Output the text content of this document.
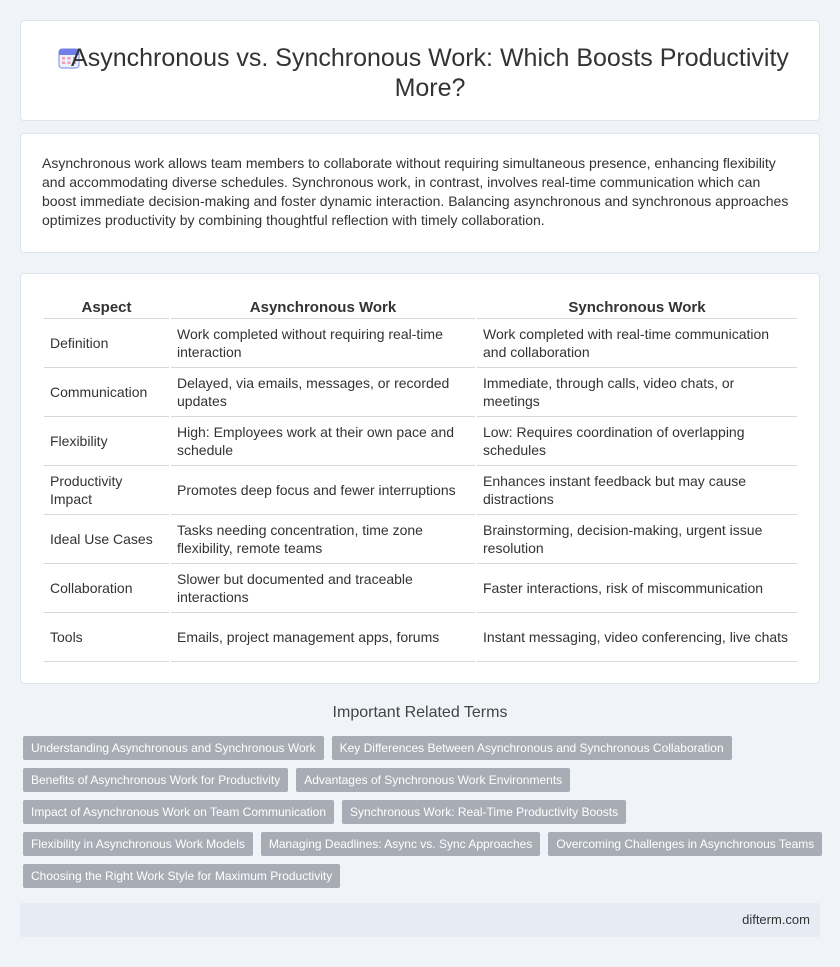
Asynchronous vs. Synchronous Work: Which Boosts Productivity More?

Asynchronous work allows team members to collaborate without requiring simultaneous presence, enhancing flexibility and accommodating diverse schedules. Synchronous work, in contrast, involves real-time communication which can boost immediate decision-making and foster dynamic interaction. Balancing asynchronous and synchronous approaches optimizes productivity by combining thoughtful reflection with timely collaboration.

Aspect	Asynchronous Work	Synchronous Work
Definition	Work completed without requiring real-time interaction	Work completed with real-time communication and collaboration
Communication	Delayed, via emails, messages, or recorded updates	Immediate, through calls, video chats, or meetings
Flexibility	High: Employees work at their own pace and schedule	Low: Requires coordination of overlapping schedules
Productivity Impact	Promotes deep focus and fewer interruptions	Enhances instant feedback but may cause distractions
Ideal Use Cases	Tasks needing concentration, time zone flexibility, remote teams	Brainstorming, decision-making, urgent issue resolution
Collaboration	Slower but documented and traceable interactions	Faster interactions, risk of miscommunication
Tools	Emails, project management apps, forums	Instant messaging, video conferencing, live chats
Important Related Terms
Understanding Asynchronous and Synchronous Work	Key Differences Between Asynchronous and Synchronous Collaboration
Benefits of Asynchronous Work for Productivity	Advantages of Synchronous Work Environments
Impact of Asynchronous Work on Team Communication	Synchronous Work: Real-Time Productivity Boosts
Flexibility in Asynchronous Work Models	Managing Deadlines: Async vs. Sync Approaches	Overcoming Challenges in Asynchronous Teams
Choosing the Right Work Style for Maximum Productivity
difterm.com
